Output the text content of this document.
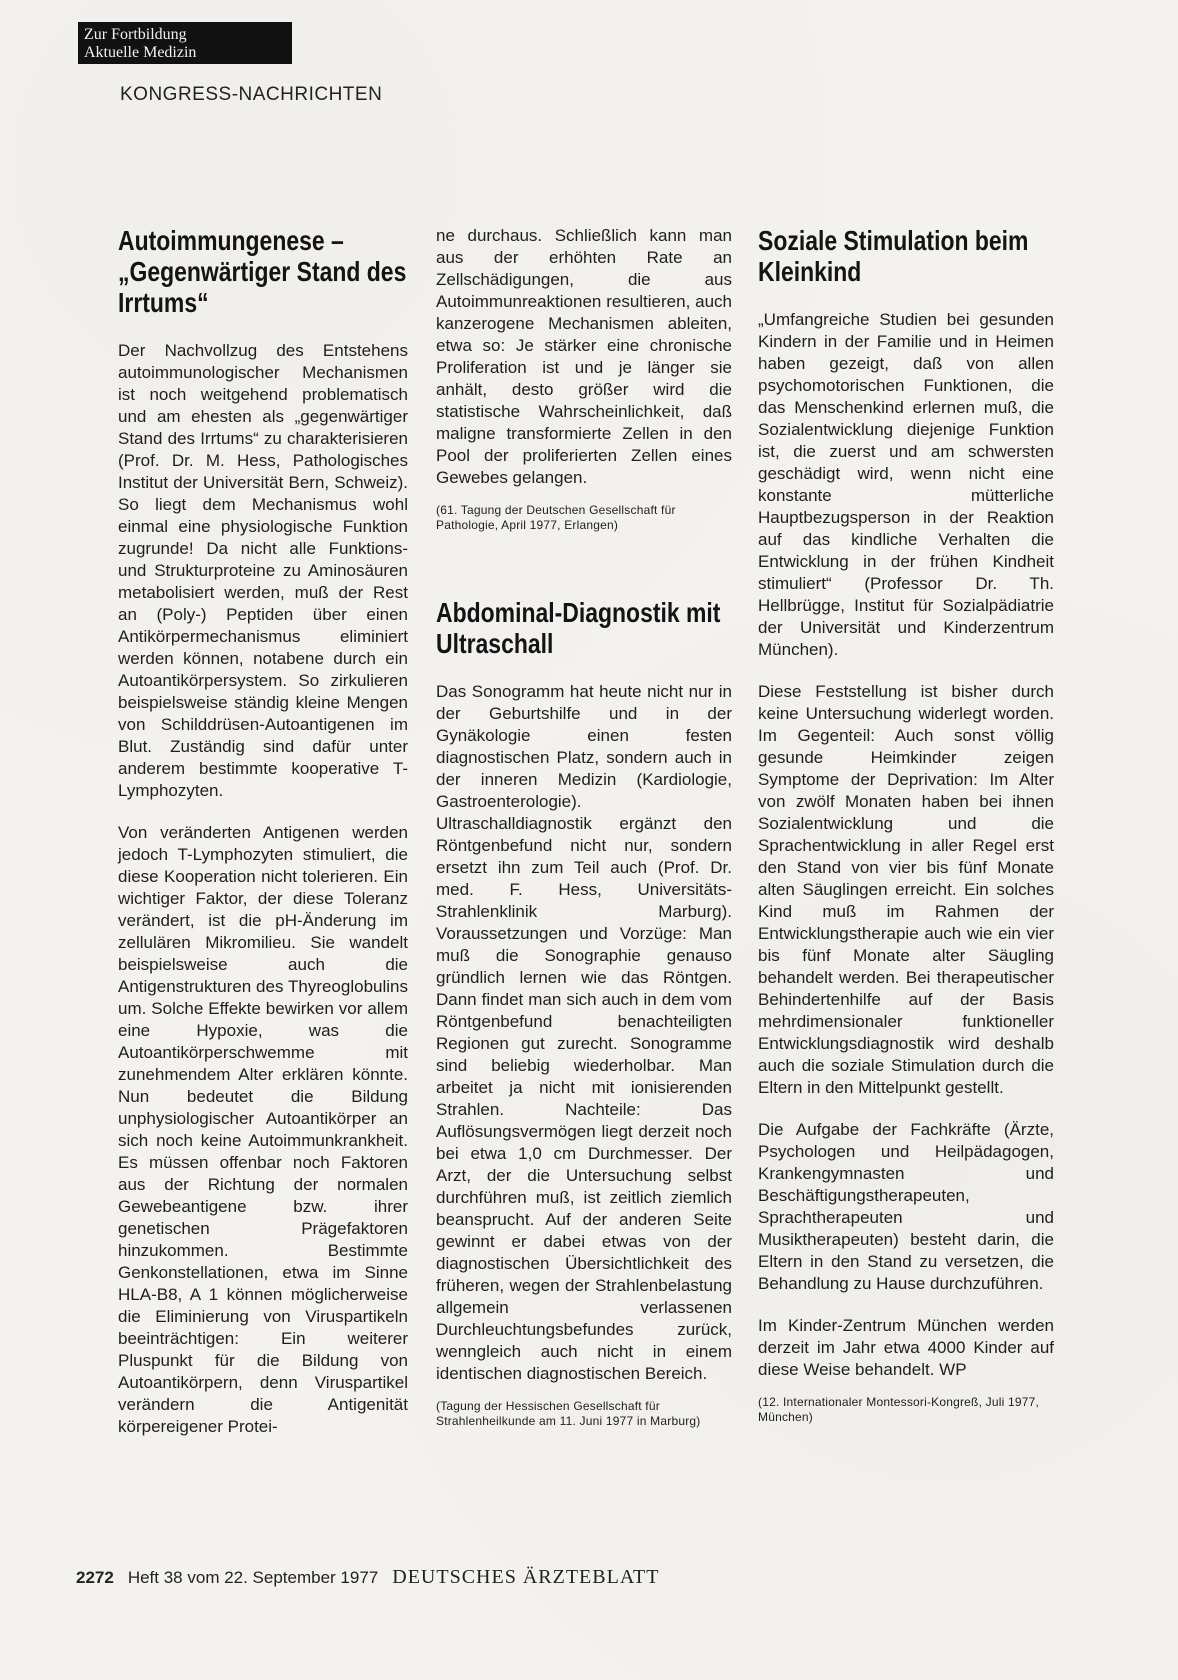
Zur Fortbildung
Aktuelle Medizin
KONGRESS-NACHRICHTEN
Autoimmungenese – „Gegenwärtiger Stand des Irrtums“

Der Nachvollzug des Entstehens autoimmunologischer Mechanismen ist noch weitgehend problematisch und am ehesten als „gegenwärtiger Stand des Irrtums“ zu charakterisieren (Prof. Dr. M. Hess, Pathologisches Institut der Universität Bern, Schweiz). So liegt dem Mechanismus wohl einmal eine physiologische Funktion zugrunde! Da nicht alle Funktions- und Strukturproteine zu Aminosäuren metabolisiert werden, muß der Rest an (Poly-) Peptiden über einen Antikörpermechanismus eliminiert werden können, notabene durch ein Autoantikörpersystem. So zirkulieren beispielsweise ständig kleine Mengen von Schilddrüsen-Autoantigenen im Blut. Zuständig sind dafür unter anderem bestimmte kooperative T-Lymphozyten.

Von veränderten Antigenen werden jedoch T-Lymphozyten stimuliert, die diese Kooperation nicht tolerieren. Ein wichtiger Faktor, der diese Toleranz verändert, ist die pH-Änderung im zellulären Mikromilieu. Sie wandelt beispielsweise auch die Antigenstrukturen des Thyreoglobulins um. Solche Effekte bewirken vor allem eine Hypoxie, was die Autoantikörperschwemme mit zunehmendem Alter erklären könnte. Nun bedeutet die Bildung unphysiologischer Autoantikörper an sich noch keine Autoimmunkrankheit. Es müssen offenbar noch Faktoren aus der Richtung der normalen Gewebeantigene bzw. ihrer genetischen Prägefaktoren hinzukommen. Bestimmte Genkonstellationen, etwa im Sinne HLA-B8, A 1 können möglicherweise die Eliminierung von Viruspartikeln beeinträchtigen: Ein weiterer Pluspunkt für die Bildung von Autoantikörpern, denn Viruspartikel verändern die Antigenität körpereigener Protei-

ne durchaus. Schließlich kann man aus der erhöhten Rate an Zellschädigungen, die aus Autoimmunreaktionen resultieren, auch kanzerogene Mechanismen ableiten, etwa so: Je stärker eine chronische Proliferation ist und je länger sie anhält, desto größer wird die statistische Wahrscheinlichkeit, daß maligne transformierte Zellen in den Pool der proliferierten Zellen eines Gewebes gelangen.

(61. Tagung der Deutschen Gesellschaft für Pathologie, April 1977, Erlangen)

Abdominal-Diagnostik mit Ultraschall

Das Sonogramm hat heute nicht nur in der Geburtshilfe und in der Gynäkologie einen festen diagnostischen Platz, sondern auch in der inneren Medizin (Kardiologie, Gastroenterologie). Ultraschalldiagnostik ergänzt den Röntgenbefund nicht nur, sondern ersetzt ihn zum Teil auch (Prof. Dr. med. F. Hess, Universitäts-Strahlenklinik Marburg). Voraussetzungen und Vorzüge: Man muß die Sonographie genauso gründlich lernen wie das Röntgen. Dann findet man sich auch in dem vom Röntgenbefund benachteiligten Regionen gut zurecht. Sonogramme sind beliebig wiederholbar. Man arbeitet ja nicht mit ionisierenden Strahlen. Nachteile: Das Auflösungsvermögen liegt derzeit noch bei etwa 1,0 cm Durchmesser. Der Arzt, der die Untersuchung selbst durchführen muß, ist zeitlich ziemlich beansprucht. Auf der anderen Seite gewinnt er dabei etwas von der diagnostischen Übersichtlichkeit des früheren, wegen der Strahlenbelastung allgemein verlassenen Durchleuchtungsbefundes zurück, wenngleich auch nicht in einem identischen diagnostischen Bereich.

(Tagung der Hessischen Gesellschaft für Strahlenheilkunde am 11. Juni 1977 in Marburg)

Soziale Stimulation beim Kleinkind

„Umfangreiche Studien bei gesunden Kindern in der Familie und in Heimen haben gezeigt, daß von allen psychomotorischen Funktionen, die das Menschenkind erlernen muß, die Sozialentwicklung diejenige Funktion ist, die zuerst und am schwersten geschädigt wird, wenn nicht eine konstante mütterliche Hauptbezugsperson in der Reaktion auf das kindliche Verhalten die Entwicklung in der frühen Kindheit stimuliert“ (Professor Dr. Th. Hellbrügge, Institut für Sozialpädiatrie der Universität und Kinderzentrum München).

Diese Feststellung ist bisher durch keine Untersuchung widerlegt worden. Im Gegenteil: Auch sonst völlig gesunde Heimkinder zeigen Symptome der Deprivation: Im Alter von zwölf Monaten haben bei ihnen Sozialentwicklung und die Sprachentwicklung in aller Regel erst den Stand von vier bis fünf Monate alten Säuglingen erreicht. Ein solches Kind muß im Rahmen der Entwicklungstherapie auch wie ein vier bis fünf Monate alter Säugling behandelt werden. Bei therapeutischer Behindertenhilfe auf der Basis mehrdimensionaler funktioneller Entwicklungsdiagnostik wird deshalb auch die soziale Stimulation durch die Eltern in den Mittelpunkt gestellt.

Die Aufgabe der Fachkräfte (Ärzte, Psychologen und Heilpädagogen, Krankengymnasten und Beschäftigungstherapeuten, Sprachtherapeuten und Musiktherapeuten) besteht darin, die Eltern in den Stand zu versetzen, die Behandlung zu Hause durchzuführen.

Im Kinder-Zentrum München werden derzeit im Jahr etwa 4000 Kinder auf diese Weise behandelt. WP

(12. Internationaler Montessori-Kongreß, Juli 1977, München)

2272 Heft 38 vom 22. September 1977 DEUTSCHES ÄRZTEBLATT
